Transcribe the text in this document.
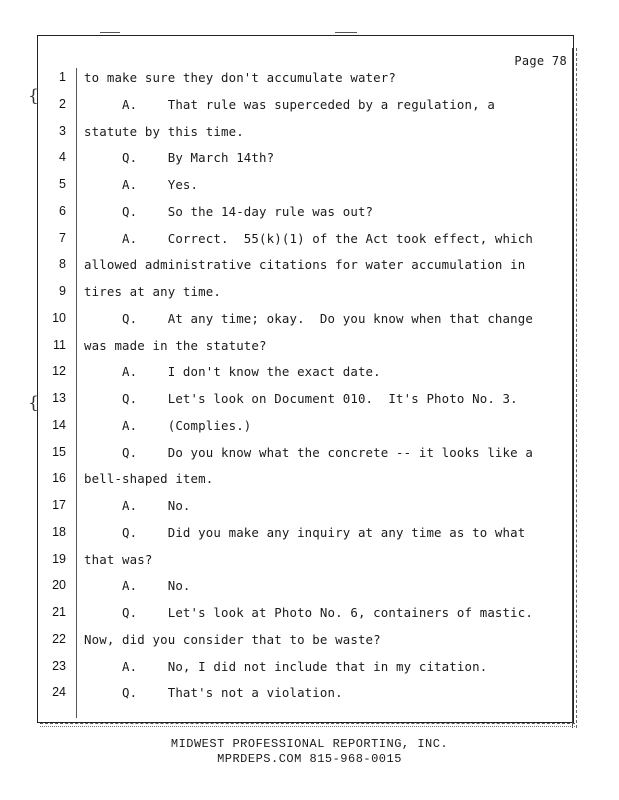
Page 78
{
{
1 to make sure they don't accumulate water?
2 A.    That rule was superceded by a regulation, a
3 statute by this time.
4 Q.    By March 14th?
5 A.    Yes.
6 Q.    So the 14-day rule was out?
7 A.    Correct.  55(k)(1) of the Act took effect, which
8 allowed administrative citations for water accumulation in
9 tires at any time.
10 Q.    At any time; okay.  Do you know when that change
11 was made in the statute?
12 A.    I don't know the exact date.
13 Q.    Let's look on Document 010.  It's Photo No. 3.
14 A.    (Complies.)
15 Q.    Do you know what the concrete -- it looks like a
16 bell-shaped item.
17 A.    No.
18 Q.    Did you make any inquiry at any time as to what
19 that was?
20 A.    No.
21 Q.    Let's look at Photo No. 6, containers of mastic.
22 Now, did you consider that to be waste?
23 A.    No, I did not include that in my citation.
24 Q.    That's not a violation.
MIDWEST PROFESSIONAL REPORTING, INC.
MPRDEPS.COM 815-968-0015
